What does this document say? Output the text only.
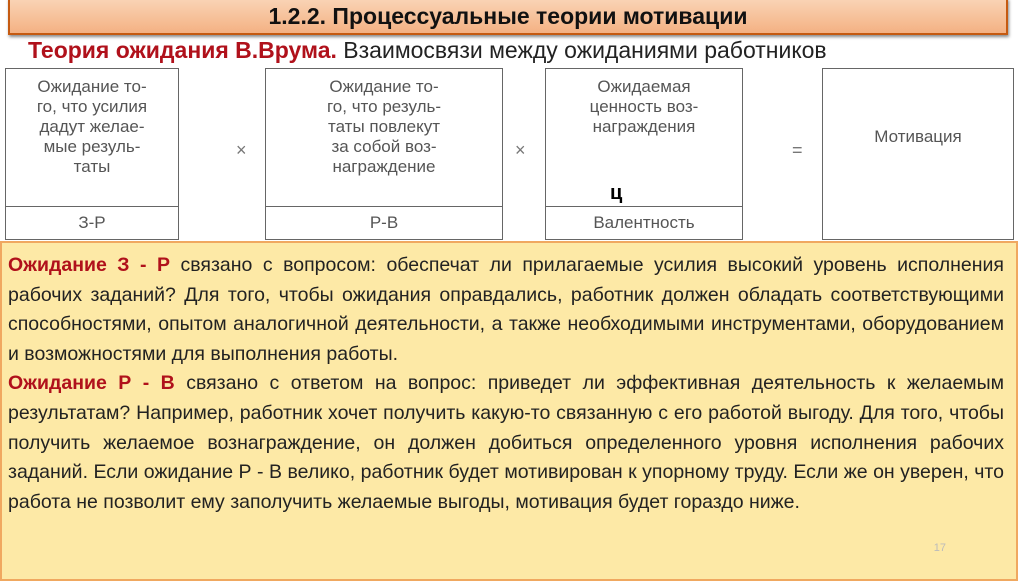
1.2.2. Процессуальные теории мотивации
Теория ожидания В.Врума. Взаимосвязи между ожиданиями работников
Ожидание то-го, что усилия дадут желае-мые резуль-таты
З-Р
×
Ожидание то-го, что резуль-таты повлекут за собой воз-награждение
Р-В
×
Ожидаемая ценность воз-награждения
Валентность
ц
=
Мотивация

Ожидание З - Р связано с вопросом: обеспечат ли прилагаемые усилия высокий уровень исполнения рабочих заданий? Для того, чтобы ожидания оправдались, работник должен обладать соответствующими способностями, опытом аналогичной деятельности, а также необходимыми инструментами, оборудованием и возможностями для выполнения работы.

Ожидание Р - В связано с ответом на вопрос: приведет ли эффективная деятельность к желаемым результатам? Например, работник хочет получить какую-то связанную с его работой выгоду. Для того, чтобы получить желаемое вознаграждение, он должен добиться определенного уровня исполнения рабочих заданий. Если ожидание Р - В велико, работник будет мотивирован к упорному труду. Если же он уверен, что работа не позволит ему заполучить желаемые выгоды, мотивация будет гораздо ниже.

17
